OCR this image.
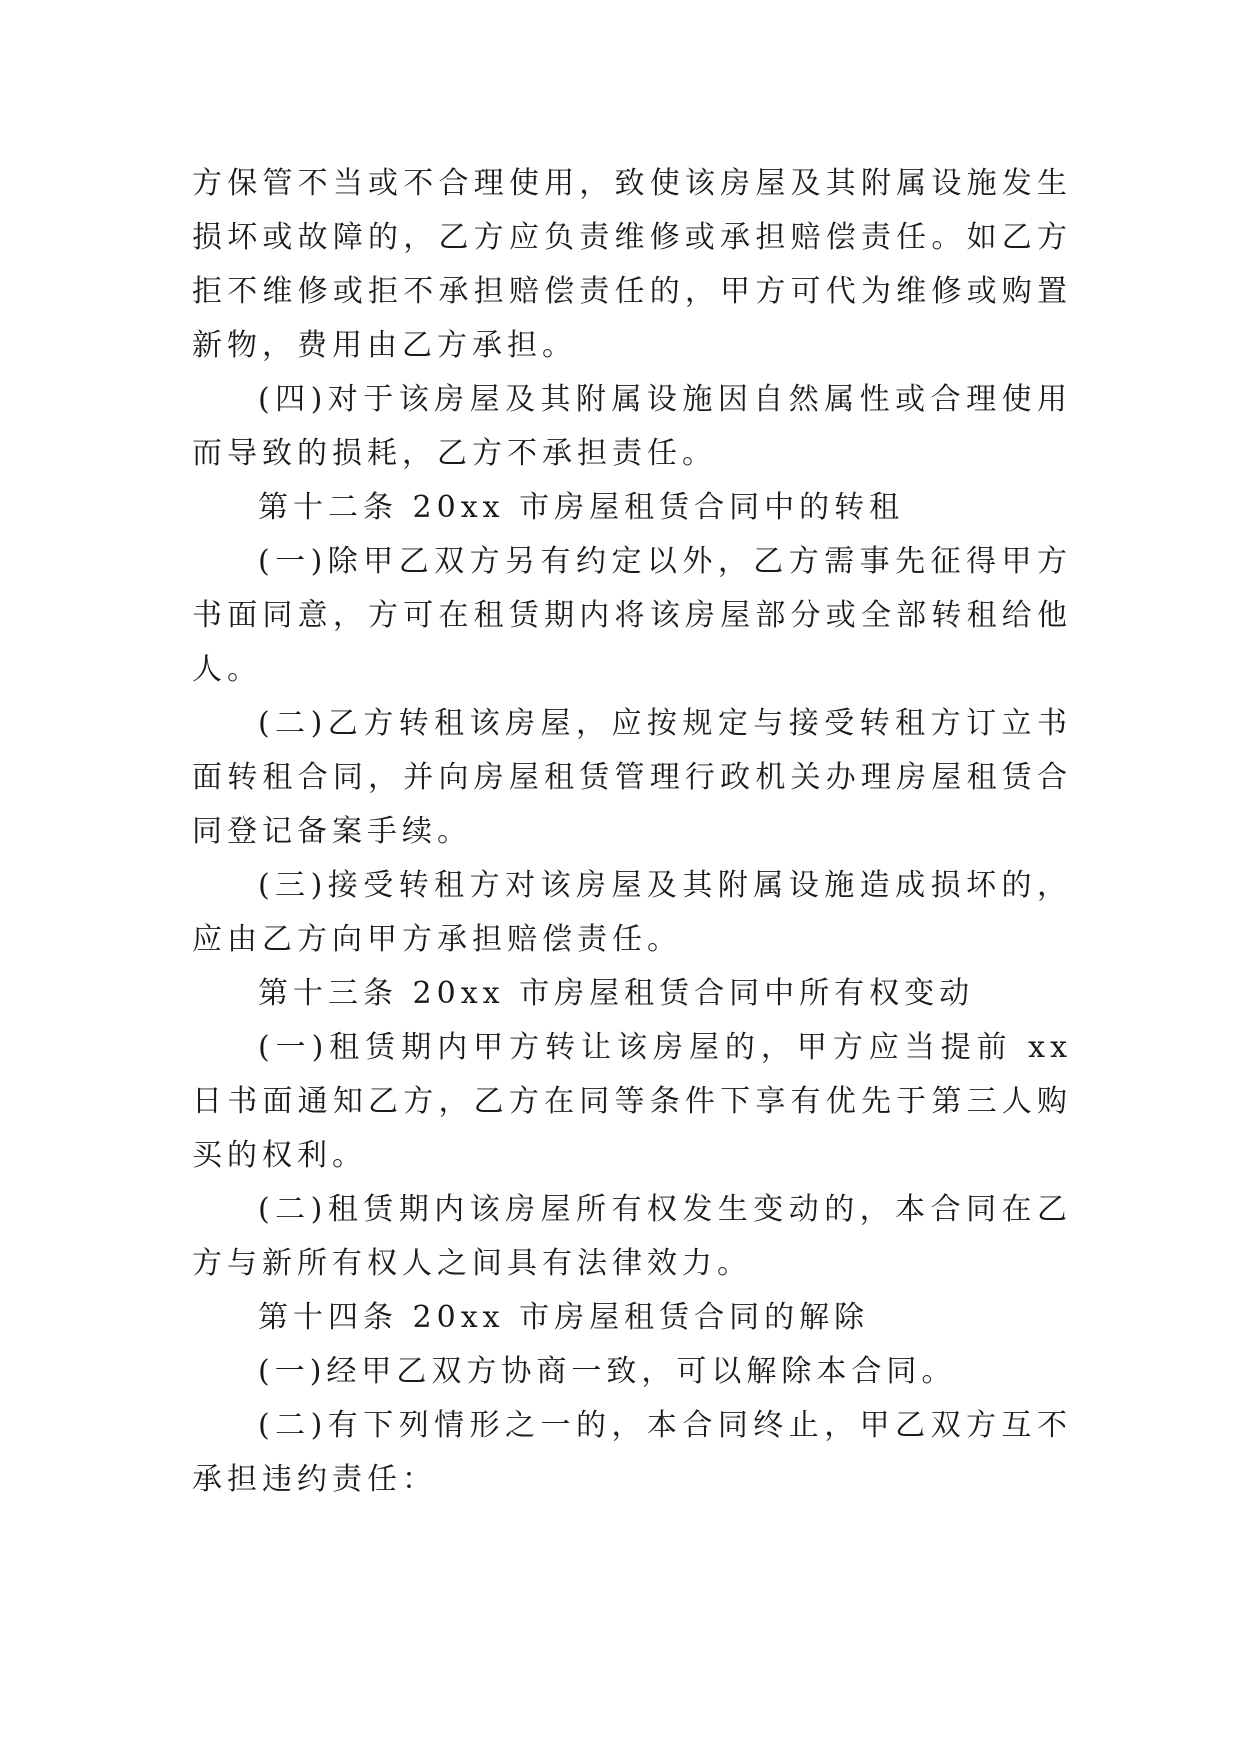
方保管不当或不合理使用，致使该房屋及其附属设施发生损坏或故障的，乙方应负责维修或承担赔偿责任。如乙方拒不维修或拒不承担赔偿责任的，甲方可代为维修或购置新物，费用由乙方承担。

(四)对于该房屋及其附属设施因自然属性或合理使用而导致的损耗，乙方不承担责任。

第十二条 20xx 市房屋租赁合同中的转租

(一)除甲乙双方另有约定以外，乙方需事先征得甲方书面同意，方可在租赁期内将该房屋部分或全部转租给他人。

(二)乙方转租该房屋，应按规定与接受转租方订立书面转租合同，并向房屋租赁管理行政机关办理房屋租赁合同登记备案手续。

(三)接受转租方对该房屋及其附属设施造成损坏的，应由乙方向甲方承担赔偿责任。

第十三条 20xx 市房屋租赁合同中所有权变动

(一)租赁期内甲方转让该房屋的，甲方应当提前 xx 日书面通知乙方，乙方在同等条件下享有优先于第三人购买的权利。

(二)租赁期内该房屋所有权发生变动的，本合同在乙方与新所有权人之间具有法律效力。

第十四条 20xx 市房屋租赁合同的解除

(一)经甲乙双方协商一致，可以解除本合同。

(二)有下列情形之一的，本合同终止，甲乙双方互不承担违约责任：
